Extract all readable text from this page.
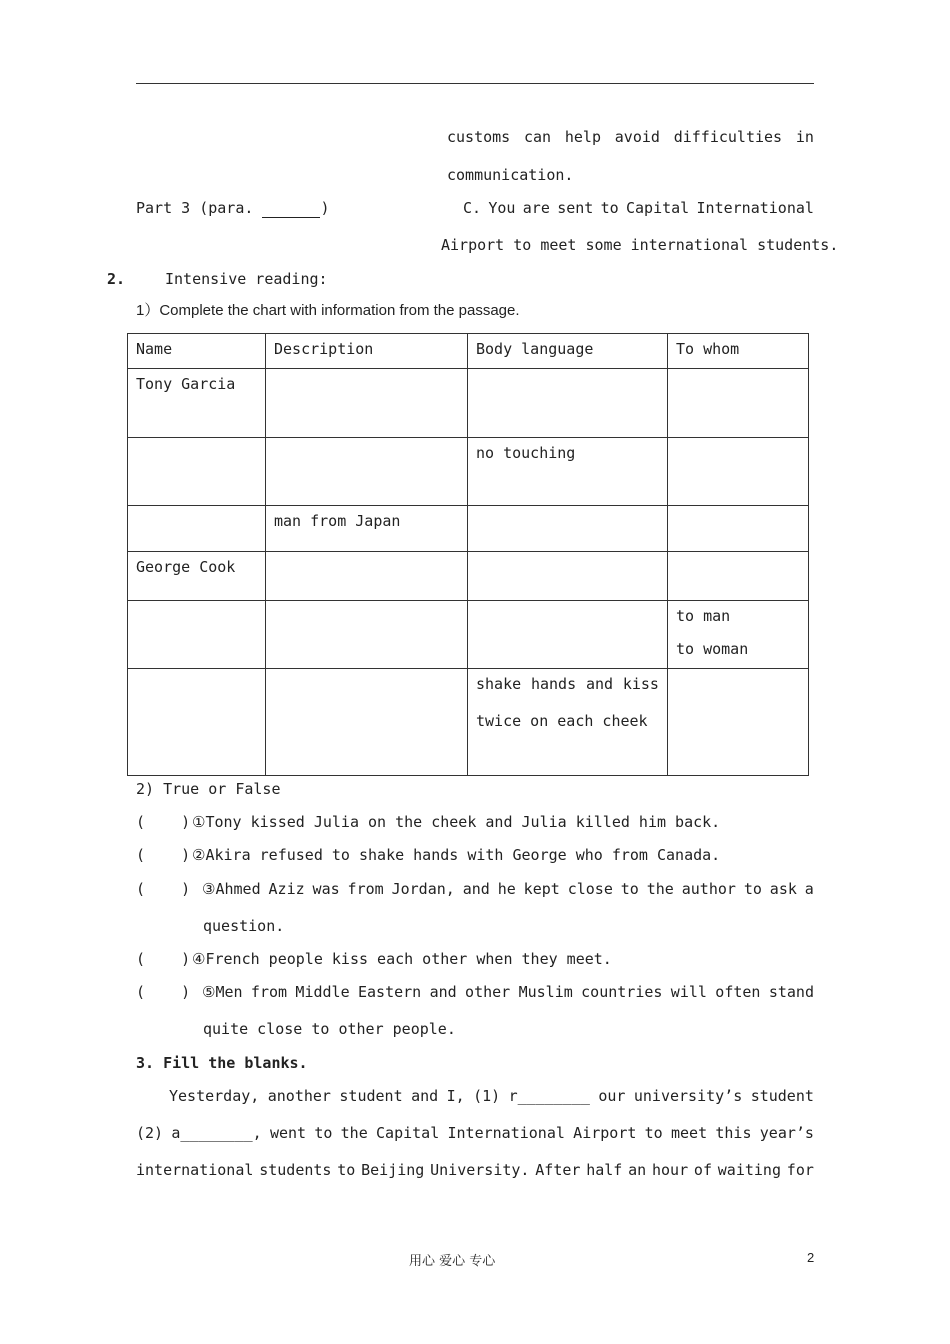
customs can help avoid difficulties in
communication.
Part 3 (para.	)	C. You are sent to Capital International
Airport to meet some international students.
2.	Intensive reading:
1）Complete the chart with information from the passage.
Name	Description	Body language	To whom

Tony Garcia			

		no touching	

	man from Japan		

George Cook			

			to man
to woman

		shake hands and kiss
twice on each cheek	

2) True or False
(    ) ①Tony kissed Julia on the cheek and Julia killed him back.
(    ) ②Akira refused to shake hands with George who from Canada.
(    ) ③Ahmed Aziz was from Jordan, and he kept close to the author to ask a
question.
(    ) ④French people kiss each other when they meet.
(    ) ⑤Men from Middle Eastern and other Muslim countries will often stand
quite close to other people.
3. Fill the blanks.
Yesterday, another student and I, (1) r________ our university’s student
(2) a________, went to the Capital International Airport to meet this year’s
international students to Beijing University. After half an hour of waiting for
用心 爱心 专心	2
